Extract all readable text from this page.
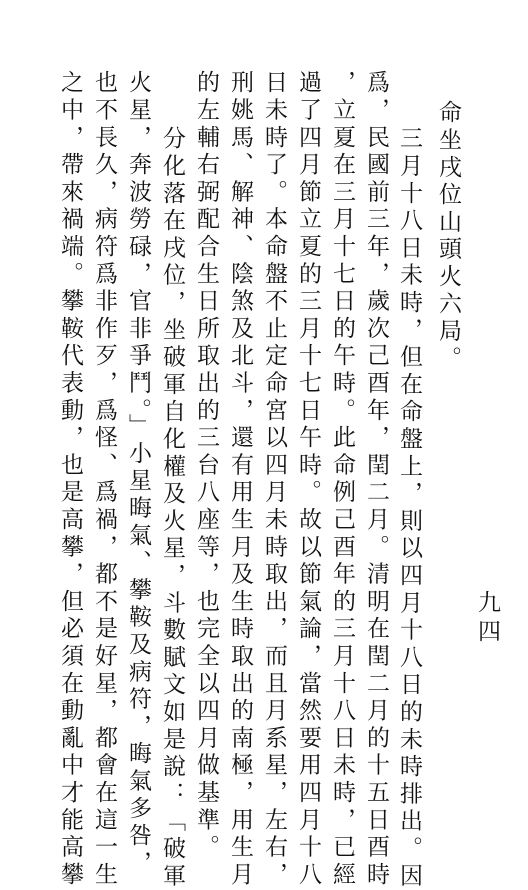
九四
命坐戌位山頭火六局。
三月十八日未時，但在命盤上，則以四月十八日的未時排出。因
爲，民國前三年，歲次己酉年，閏二月。清明在閏二月的十五日酉時
，立夏在三月十七日的午時。此命例己酉年的三月十八日未時，已經
過了四月節立夏的三月十七日午時。故以節氣論，當然要用四月十八
日未時了。本命盤不止定命宮以四月未時取出，而且月系星，左右，
刑姚馬、解神、陰煞及北斗，還有用生月及生時取出的南極，用生月
的左輔右弼配合生日所取出的三台八座等，也完全以四月做基準。
分化落在戌位，坐破軍自化權及火星，斗數賦文如是說：「破軍
火星，奔波勞碌，官非爭鬥。」小星晦氣、攀鞍及病符，晦氣多咎，
也不長久，病符爲非作歹，爲怪、爲禍，都不是好星，都會在這一生
之中，帶來禍端。攀鞍代表動，也是高攀，但必須在動亂中才能高攀
